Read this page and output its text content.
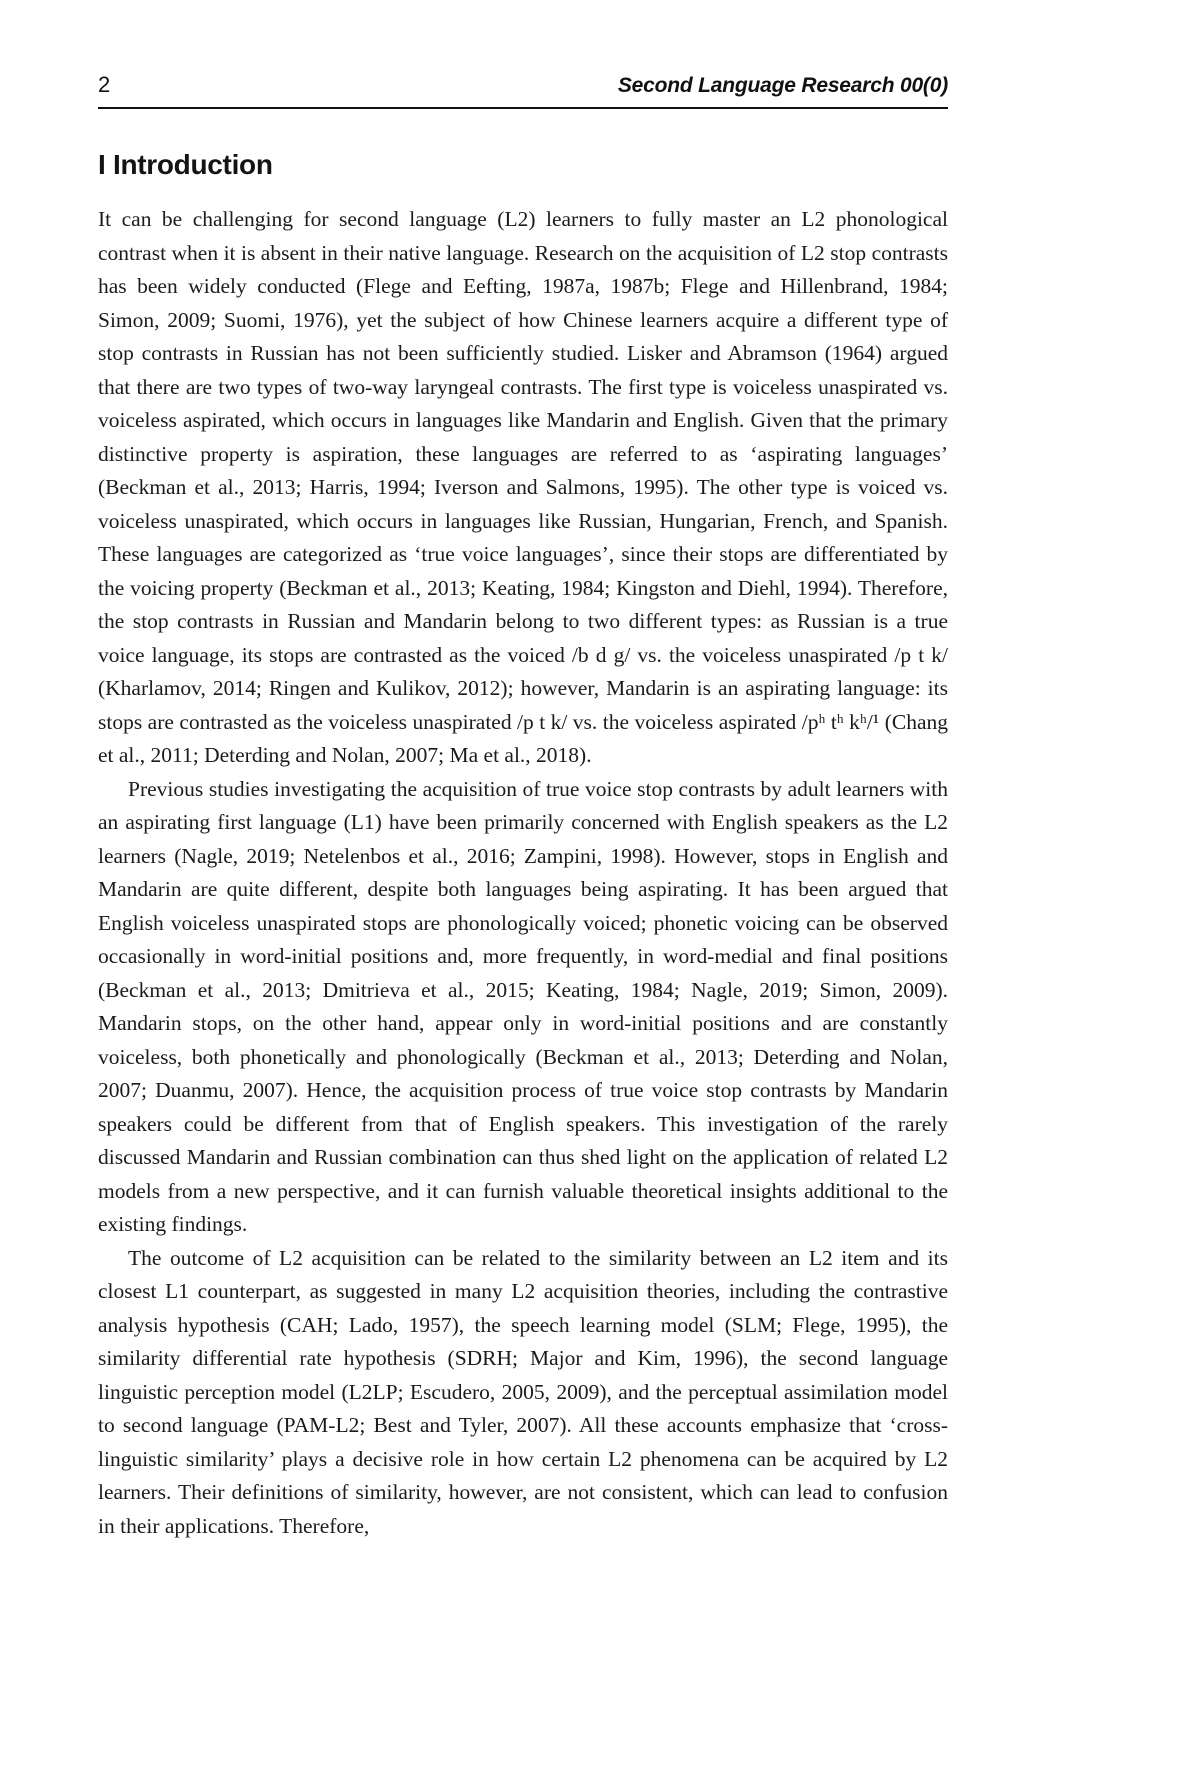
2	Second Language Research 00(0)
I Introduction

It can be challenging for second language (L2) learners to fully master an L2 phonological contrast when it is absent in their native language. Research on the acquisition of L2 stop contrasts has been widely conducted (Flege and Eefting, 1987a, 1987b; Flege and Hillenbrand, 1984; Simon, 2009; Suomi, 1976), yet the subject of how Chinese learners acquire a different type of stop contrasts in Russian has not been sufficiently studied. Lisker and Abramson (1964) argued that there are two types of two-way laryngeal contrasts. The first type is voiceless unaspirated vs. voiceless aspirated, which occurs in languages like Mandarin and English. Given that the primary distinctive property is aspiration, these languages are referred to as ‘aspirating languages’ (Beckman et al., 2013; Harris, 1994; Iverson and Salmons, 1995). The other type is voiced vs. voiceless unaspirated, which occurs in languages like Russian, Hungarian, French, and Spanish. These languages are categorized as ‘true voice languages’, since their stops are differentiated by the voicing property (Beckman et al., 2013; Keating, 1984; Kingston and Diehl, 1994). Therefore, the stop contrasts in Russian and Mandarin belong to two different types: as Russian is a true voice language, its stops are contrasted as the voiced /b d g/ vs. the voiceless unaspirated /p t k/ (Kharlamov, 2014; Ringen and Kulikov, 2012); however, Mandarin is an aspirating language: its stops are contrasted as the voiceless unaspirated /p t k/ vs. the voiceless aspirated /pʰ tʰ kʰ/¹ (Chang et al., 2011; Deterding and Nolan, 2007; Ma et al., 2018).

Previous studies investigating the acquisition of true voice stop contrasts by adult learners with an aspirating first language (L1) have been primarily concerned with English speakers as the L2 learners (Nagle, 2019; Netelenbos et al., 2016; Zampini, 1998). However, stops in English and Mandarin are quite different, despite both languages being aspirating. It has been argued that English voiceless unaspirated stops are phonologically voiced; phonetic voicing can be observed occasionally in word-initial positions and, more frequently, in word-medial and final positions (Beckman et al., 2013; Dmitrieva et al., 2015; Keating, 1984; Nagle, 2019; Simon, 2009). Mandarin stops, on the other hand, appear only in word-initial positions and are constantly voiceless, both phonetically and phonologically (Beckman et al., 2013; Deterding and Nolan, 2007; Duanmu, 2007). Hence, the acquisition process of true voice stop contrasts by Mandarin speakers could be different from that of English speakers. This investigation of the rarely discussed Mandarin and Russian combination can thus shed light on the application of related L2 models from a new perspective, and it can furnish valuable theoretical insights additional to the existing findings.

The outcome of L2 acquisition can be related to the similarity between an L2 item and its closest L1 counterpart, as suggested in many L2 acquisition theories, including the contrastive analysis hypothesis (CAH; Lado, 1957), the speech learning model (SLM; Flege, 1995), the similarity differential rate hypothesis (SDRH; Major and Kim, 1996), the second language linguistic perception model (L2LP; Escudero, 2005, 2009), and the perceptual assimilation model to second language (PAM-L2; Best and Tyler, 2007). All these accounts emphasize that ‘cross-linguistic similarity’ plays a decisive role in how certain L2 phenomena can be acquired by L2 learners. Their definitions of similarity, however, are not consistent, which can lead to confusion in their applications. Therefore,
